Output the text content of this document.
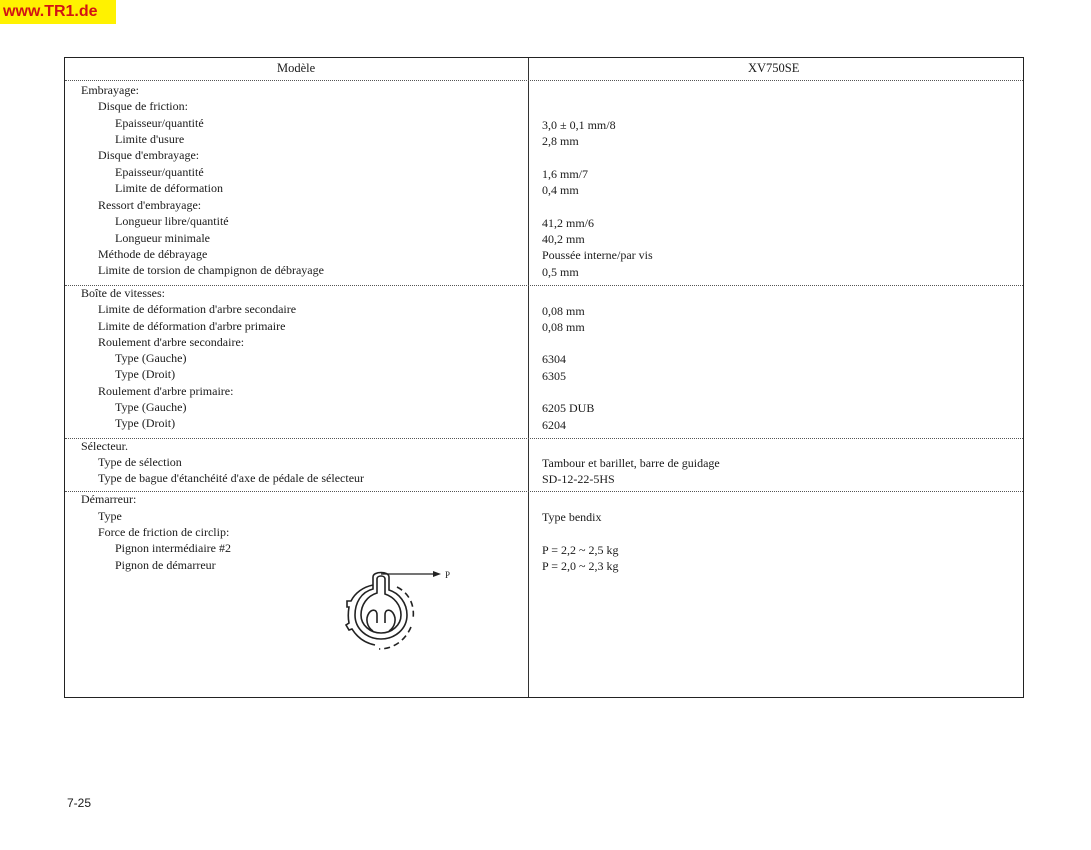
www.TR1.de
Modèle	XV750SE
Embrayage:
Disque de friction:
Epaisseur/quantité	3,0 ± 0,1 mm/8
Limite d'usure	2,8 mm
Disque d'embrayage:
Epaisseur/quantité	1,6 mm/7
Limite de déformation	0,4 mm
Ressort d'embrayage:
Longueur libre/quantité	41,2 mm/6
Longueur minimale	40,2 mm
Méthode de débrayage	Poussée interne/par vis
Limite de torsion de champignon de débrayage	0,5 mm
Boîte de vitesses:
Limite de déformation d'arbre secondaire	0,08 mm
Limite de déformation d'arbre primaire	0,08 mm
Roulement d'arbre secondaire:
Type (Gauche)	6304
Type (Droit)	6305
Roulement d'arbre primaire:
Type (Gauche)	6205 DUB
Type (Droit)	6204
Sélecteur.
Type de sélection	Tambour et barillet, barre de guidage
Type de bague d'étanchéité d'axe de pédale de sélecteur	SD-12-22-5HS
Démarreur:
Type	Type bendix
Force de friction de circlip:
Pignon intermédiaire #2	P = 2,2 ~ 2,5 kg
Pignon de démarreur	P = 2,0 ~ 2,3 kg
P
7-25
